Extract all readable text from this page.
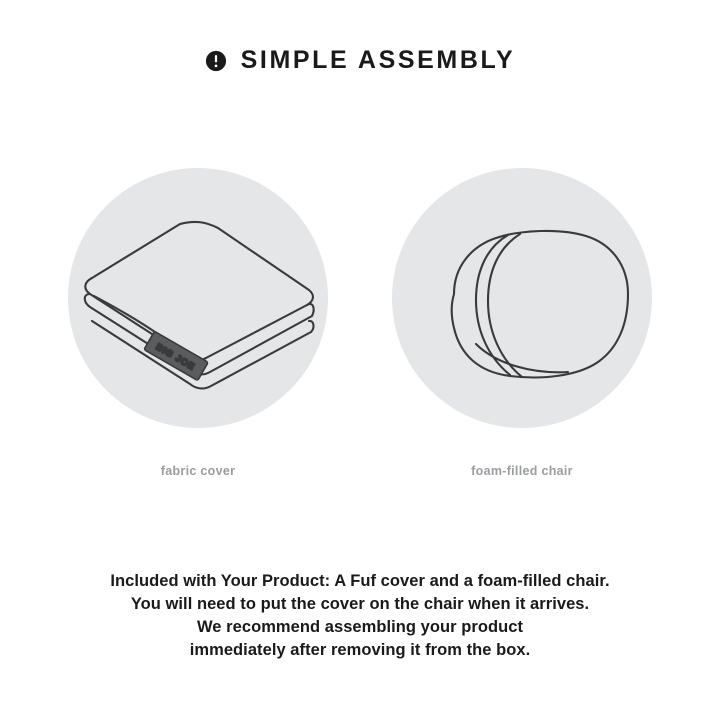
SIMPLE ASSEMBLY
BIG JOE
fabric cover	foam-filled chair
Included with Your Product: A Fuf cover and a foam-filled chair.
You will need to put the cover on the chair when it arrives.
We recommend assembling your product
immediately after removing it from the box.
